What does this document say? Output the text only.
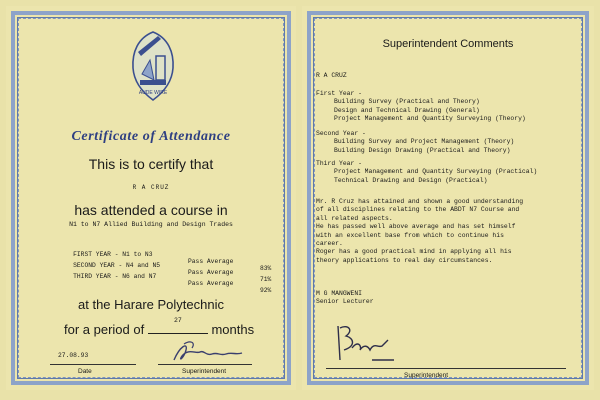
AUDE WIRE
Certificate of Attendance
This is to certify that
R A CRUZ
has attended a course in
N1 to N7 Allied Building and Design Trades

FIRST YEAR - N1 to N3

Pass Average

83%

SECOND YEAR - N4 and N5

Pass Average

71%

THIRD YEAR - N6 and N7

Pass Average

92%

at the Harare Polytechnic
for a period of
27
months
27.08.93
Date	Superintendent
Superintendent Comments
R A CRUZ
First Year -
Building Survey (Practical and Theory)
Design and Technical Drawing (General)
Project Management and Quantity Surveying (Theory)
Second Year -
Building Survey and Project Management (Theory)
Building Design Drawing (Practical and Theory)
Third Year -
Project Management and Quantity Surveying (Practical)
Technical Drawing and Design (Practical)
Mr. R Cruz has attained and shown a good understanding
of all disciplines relating to the ABDT N7 Course and
all related aspects.
He has passed well above average and has set himself
with an excellent base from which to continue his
career.
Roger has a good practical mind in applying all his
theory applications to real day circumstances.
M G MANGWENI
Senior Lecturer
Superintendent
